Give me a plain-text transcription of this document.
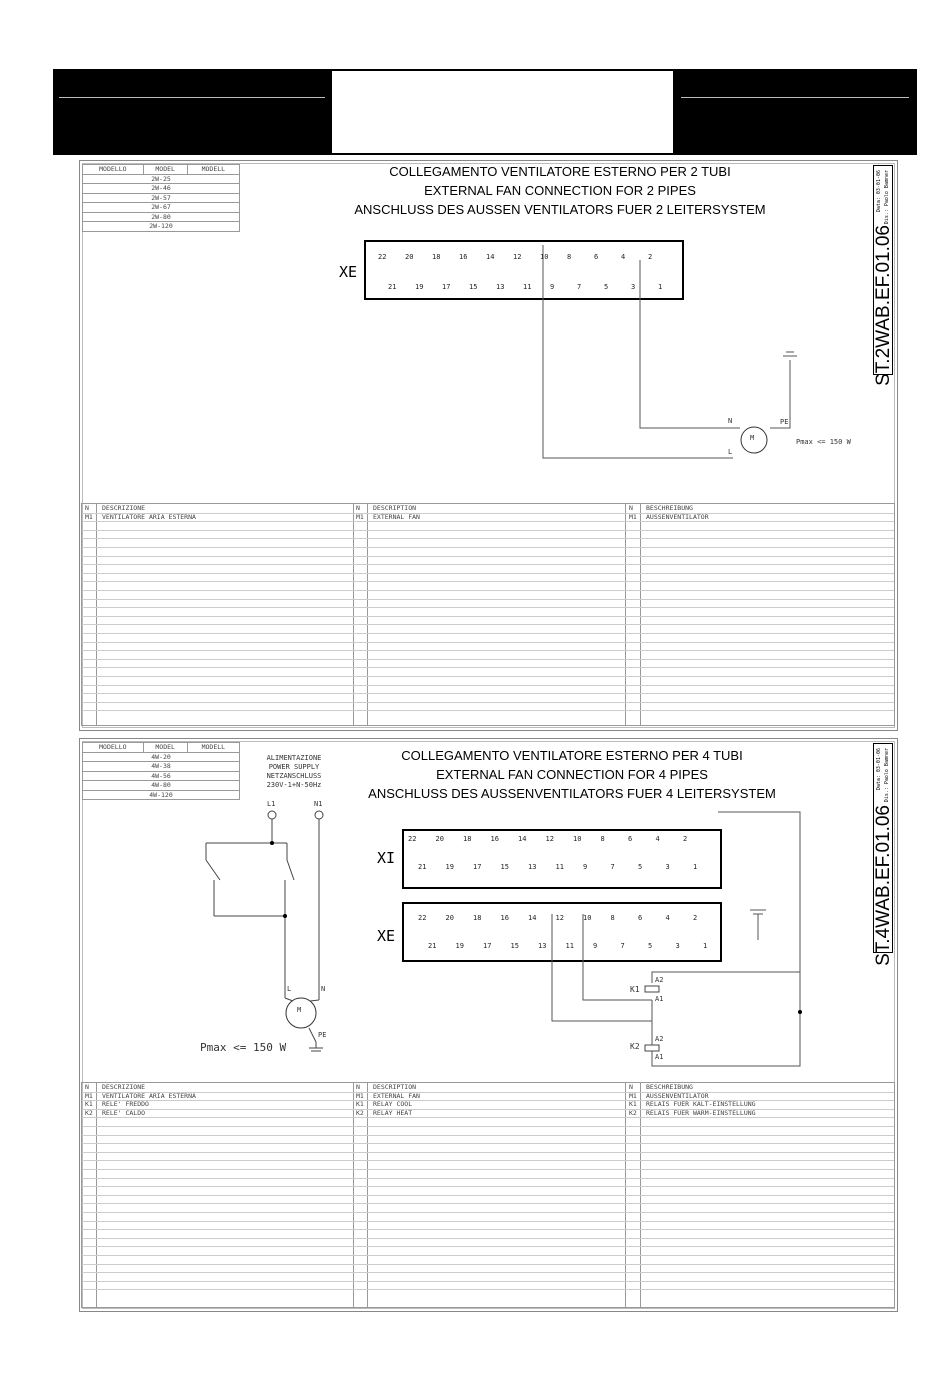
MODELLO	MODEL	MODELL
2W-25
2W-46
2W-57
2W-67
2W-80
2W-120
COLLEGAMENTO VENTILATORE ESTERNO PER 2 TUBI
EXTERNAL FAN CONNECTION FOR 2 PIPES
ANSCHLUSS DES AUSSEN VENTILATORS FUER 2 LEITERSYSTEM
ST.2WAB.EF.01.06
Data: 03-01-06 Dis.: Paolo Bamner
XE
22	20	18	16	14	12	10	8	6	4	2
21	19	17	15	13	11	9	7	5	3	1
M
N
L
PE
Pmax <= 150 W
N DESCRIZIONE	N DESCRIPTION	N BESCHREIBUNG
M1 VENTILATORE ARIA ESTERNA	M1 EXTERNAL FAN	M1 AUSSENVENTILATOR
MODELLO	MODEL	MODELL
4W-20
4W-38
4W-56
4W-80
4W-120
ALIMENTAZIONE
POWER SUPPLY
NETZANSCHLUSS
230V-1+N-50Hz
COLLEGAMENTO VENTILATORE ESTERNO PER 4 TUBI
EXTERNAL FAN CONNECTION FOR 4 PIPES
ANSCHLUSS DES AUSSENVENTILATORS FUER 4 LEITERSYSTEM
ST.4WAB.EF.01.06
Data: 03-01-06 Dis.: Paolo Bamner
XI
XE
22	20	18	16	14	12	10	8	6	4	2
21	19	17	15	13	11	9	7	5	3	1
22	20	18	16	14	12	10	8	6	4	2
21	19	17	15	13	11	9	7	5	3	1
L1	N1
M
L	N
PE
Pmax <= 150 W
K1
A2
A1
K2
A2
A1
N DESCRIZIONE	N DESCRIPTION	N BESCHREIBUNG
M1 VENTILATORE ARIA ESTERNA	M1 EXTERNAL FAN	M1 AUSSENVENTILATOR
K1 RELE' FREDDO	K1 RELAY COOL	K1 RELAIS FUER KALT-EINSTELLUNG
K2 RELE' CALDO	K2 RELAY HEAT	K2 RELAIS FUER WARM-EINSTELLUNG
